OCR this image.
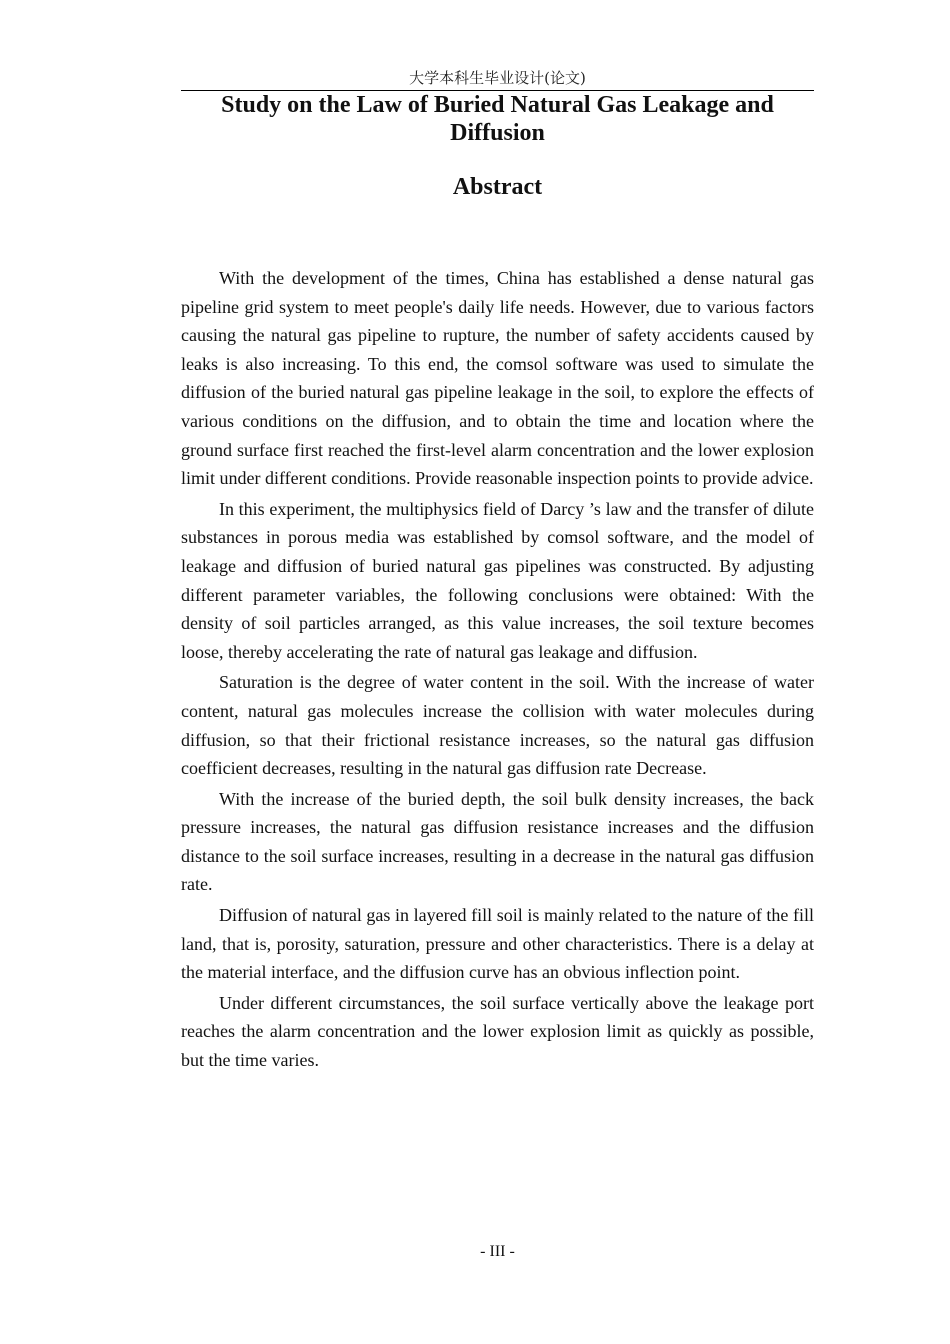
大学本科生毕业设计(论文)
Study on the Law of Buried Natural Gas Leakage and Diffusion
Abstract

With the development of the times, China has established a dense natural gas pipeline grid system to meet people's daily life needs. However, due to various factors causing the natural gas pipeline to rupture, the number of safety accidents caused by leaks is also increasing. To this end, the comsol software was used to simulate the diffusion of the buried natural gas pipeline leakage in the soil, to explore the effects of various conditions on the diffusion, and to obtain the time and location where the ground surface first reached the first-level alarm concentration and the lower explosion limit under different conditions. Provide reasonable inspection points to provide advice.

In this experiment, the multiphysics field of Darcy ’s law and the transfer of dilute substances in porous media was established by comsol software, and the model of leakage and diffusion of buried natural gas pipelines was constructed. By adjusting different parameter variables, the following conclusions were obtained: With the density of soil particles arranged, as this value increases, the soil texture becomes loose, thereby accelerating the rate of natural gas leakage and diffusion.

Saturation is the degree of water content in the soil. With the increase of water content, natural gas molecules increase the collision with water molecules during diffusion, so that their frictional resistance increases, so the natural gas diffusion coefficient decreases, resulting in the natural gas diffusion rate Decrease.

With the increase of the buried depth, the soil bulk density increases, the back pressure increases, the natural gas diffusion resistance increases and the diffusion distance to the soil surface increases, resulting in a decrease in the natural gas diffusion rate.

Diffusion of natural gas in layered fill soil is mainly related to the nature of the fill land, that is, porosity, saturation, pressure and other characteristics. There is a delay at the material interface, and the diffusion curve has an obvious inflection point.

Under different circumstances, the soil surface vertically above the leakage port reaches the alarm concentration and the lower explosion limit as quickly as possible, but the time varies.

- III -
